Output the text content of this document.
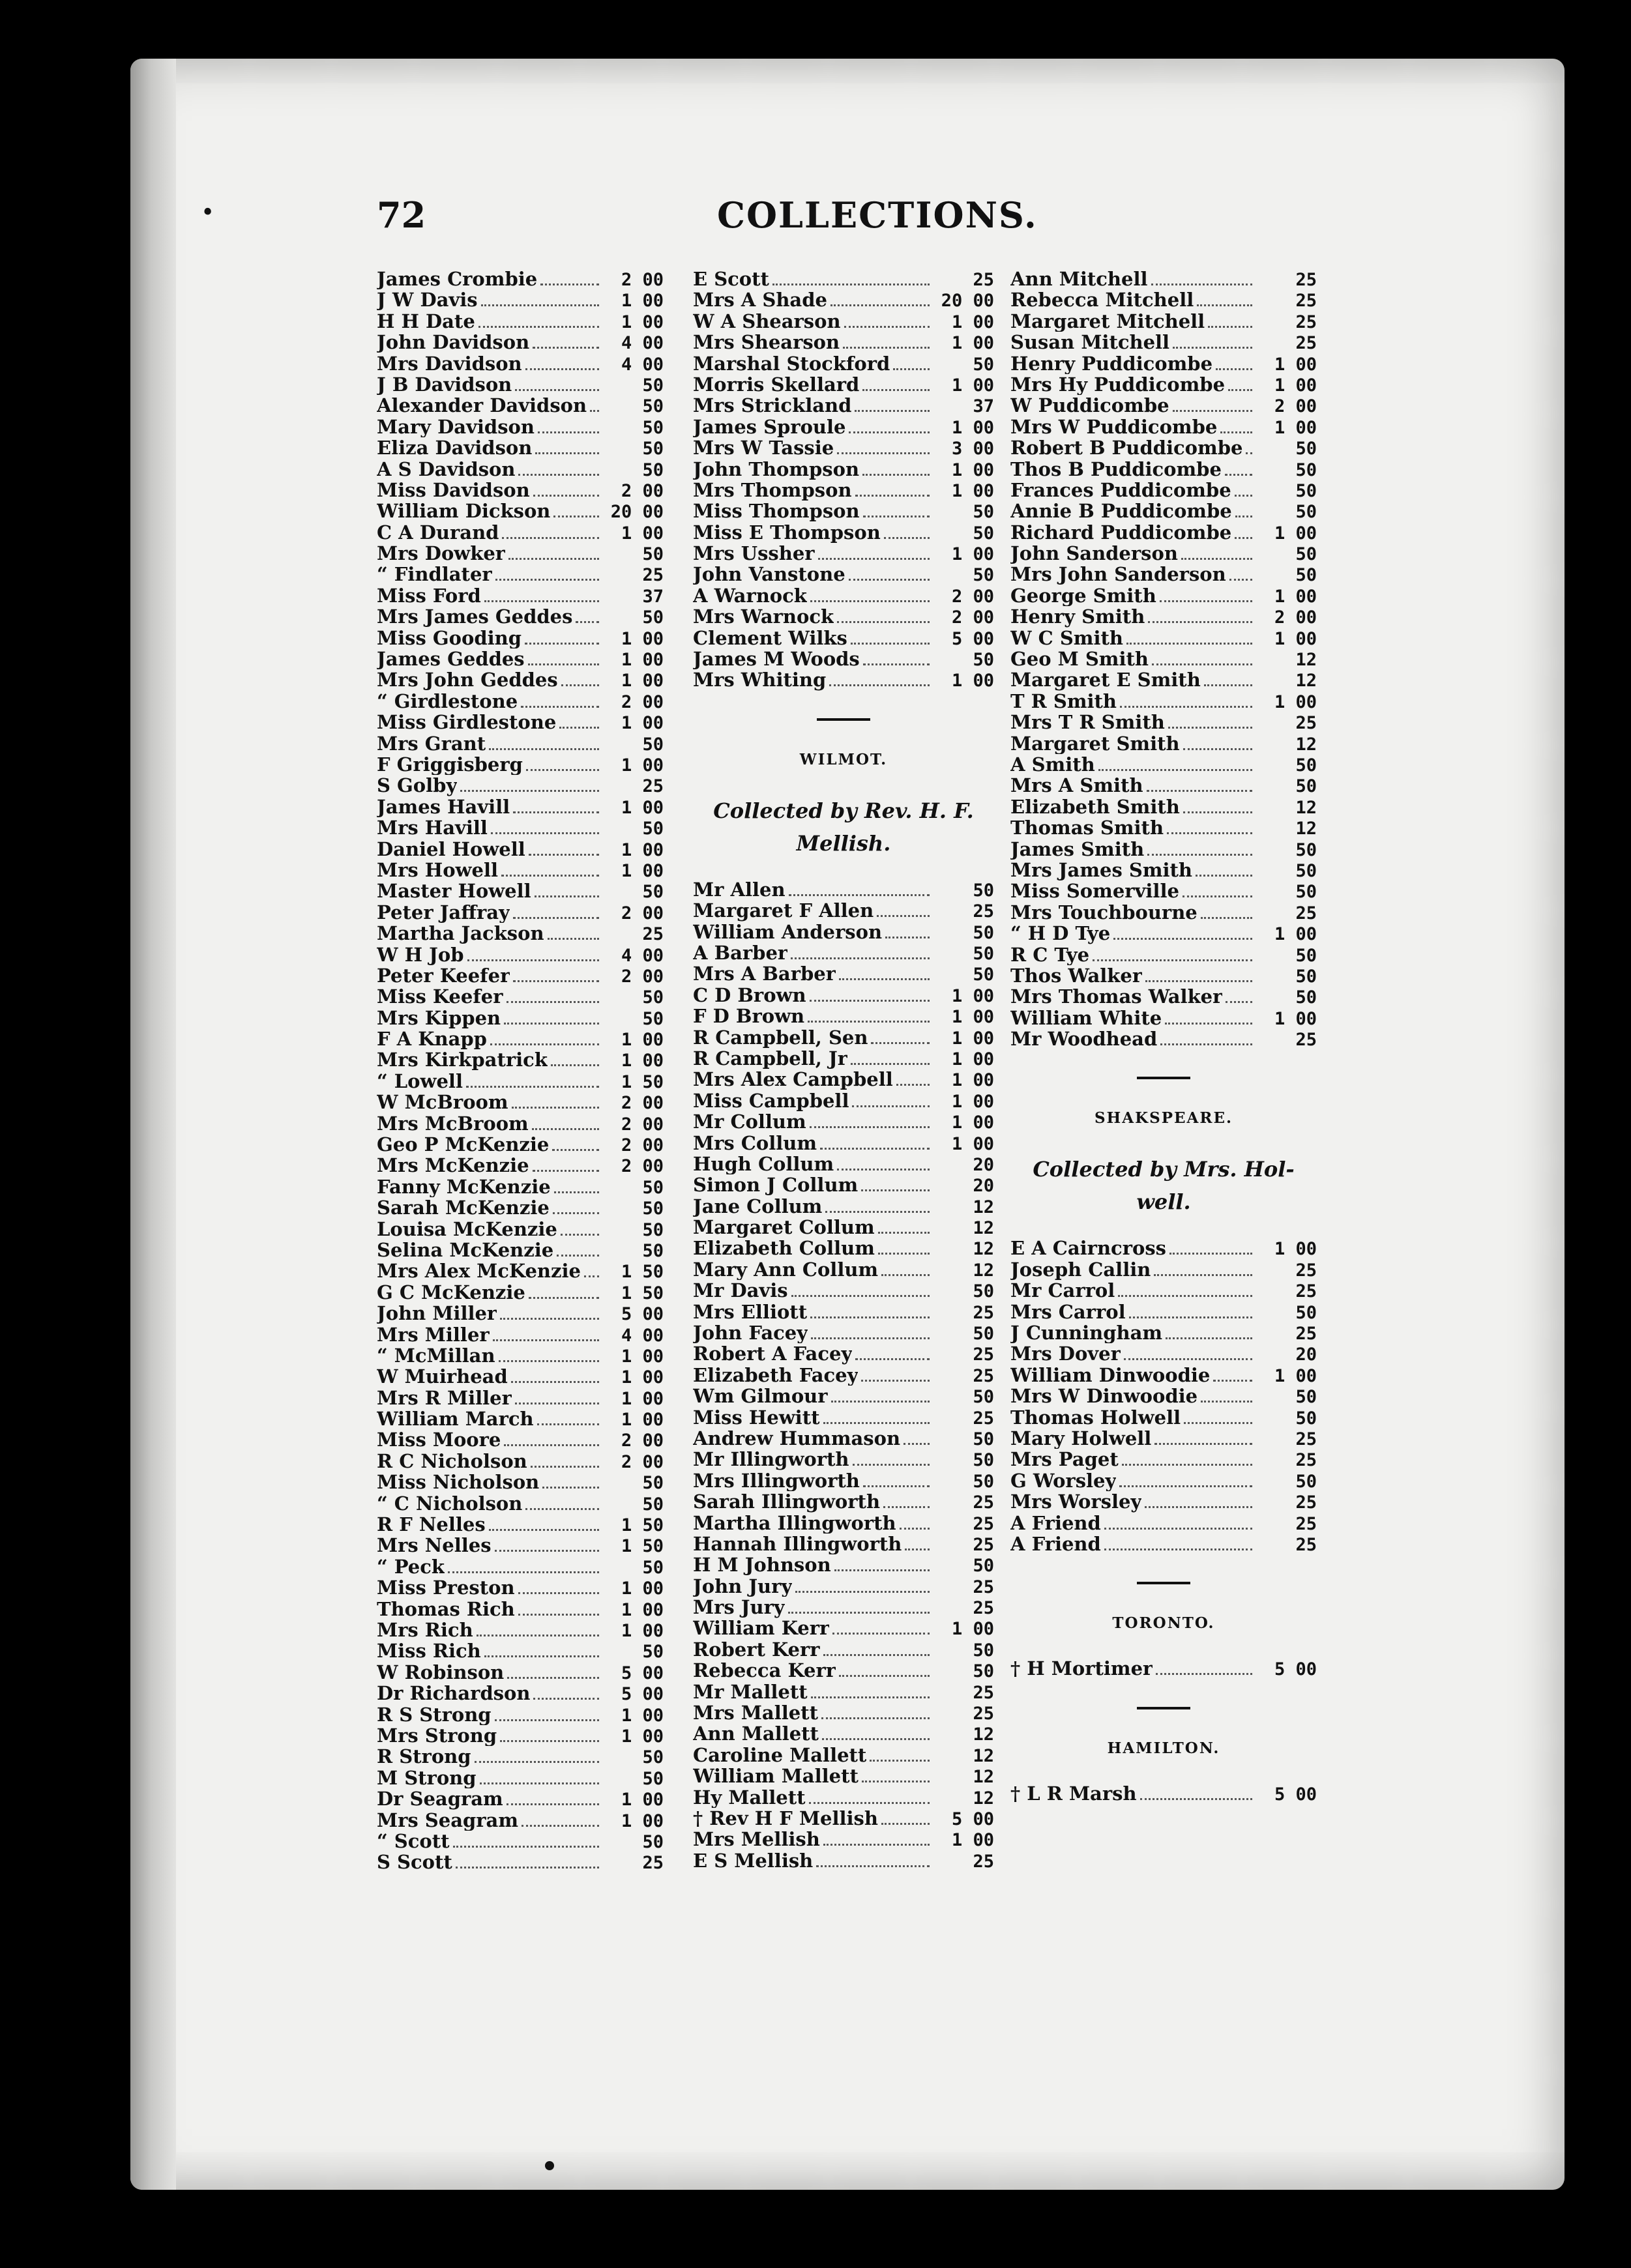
•	72	COLLECTIONS.
James Crombie	2 00
J W Davis	1 00
H H Date	1 00
John Davidson	4 00
Mrs Davidson	4 00
J B Davidson	50
Alexander Davidson	50
Mary Davidson	50
Eliza Davidson	50
A S Davidson	50
Miss Davidson	2 00
William Dickson	20 00
C A Durand	1 00
Mrs Dowker	50
“ Findlater	25
Miss Ford	37
Mrs James Geddes	50
Miss Gooding	1 00
James Geddes	1 00
Mrs John Geddes	1 00
“ Girdlestone	2 00
Miss Girdlestone	1 00
Mrs Grant	50
F Griggisberg	1 00
S Golby	25
James Havill	1 00
Mrs Havill	50
Daniel Howell	1 00
Mrs Howell	1 00
Master Howell	50
Peter Jaffray	2 00
Martha Jackson	25
W H Job	4 00
Peter Keefer	2 00
Miss Keefer	50
Mrs Kippen	50
F A Knapp	1 00
Mrs Kirkpatrick	1 00
“ Lowell	1 50
W McBroom	2 00
Mrs McBroom	2 00
Geo P McKenzie	2 00
Mrs McKenzie	2 00
Fanny McKenzie	50
Sarah McKenzie	50
Louisa McKenzie	50
Selina McKenzie	50
Mrs Alex McKenzie	1 50
G C McKenzie	1 50
John Miller	5 00
Mrs Miller	4 00
“ McMillan	1 00
W Muirhead	1 00
Mrs R Miller	1 00
William March	1 00
Miss Moore	2 00
R C Nicholson	2 00
Miss Nicholson	50
“ C Nicholson	50
R F Nelles	1 50
Mrs Nelles	1 50
“ Peck	50
Miss Preston	1 00
Thomas Rich	1 00
Mrs Rich	1 00
Miss Rich	50
W Robinson	5 00
Dr Richardson	5 00
R S Strong	1 00
Mrs Strong	1 00
R Strong	50
M Strong	50
Dr Seagram	1 00
Mrs Seagram	1 00
“ Scott	50
S Scott	25
E Scott	25
Mrs A Shade	20 00
W A Shearson	1 00
Mrs Shearson	1 00
Marshal Stockford	50
Morris Skellard	1 00
Mrs Strickland	37
James Sproule	1 00
Mrs W Tassie	3 00
John Thompson	1 00
Mrs Thompson	1 00
Miss Thompson	50
Miss E Thompson	50
Mrs Ussher	1 00
John Vanstone	50
A Warnock	2 00
Mrs Warnock	2 00
Clement Wilks	5 00
James M Woods	50
Mrs Whiting	1 00
WILMOT.
Collected by Rev. H. F.
Mellish.
Mr Allen	50
Margaret F Allen	25
William Anderson	50
A Barber	50
Mrs A Barber	50
C D Brown	1 00
F D Brown	1 00
R Campbell, Sen	1 00
R Campbell, Jr	1 00
Mrs Alex Campbell	1 00
Miss Campbell	1 00
Mr Collum	1 00
Mrs Collum	1 00
Hugh Collum	20
Simon J Collum	20
Jane Collum	12
Margaret Collum	12
Elizabeth Collum	12
Mary Ann Collum	12
Mr Davis	50
Mrs Elliott	25
John Facey	50
Robert A Facey	25
Elizabeth Facey	25
Wm Gilmour	50
Miss Hewitt	25
Andrew Hummason	50
Mr Illingworth	50
Mrs Illingworth	50
Sarah Illingworth	25
Martha Illingworth	25
Hannah Illingworth	25
H M Johnson	50
John Jury	25
Mrs Jury	25
William Kerr	1 00
Robert Kerr	50
Rebecca Kerr	50
Mr Mallett	25
Mrs Mallett	25
Ann Mallett	12
Caroline Mallett	12
William Mallett	12
Hy Mallett	12
† Rev H F Mellish	5 00
Mrs Mellish	1 00
E S Mellish	25
Ann Mitchell	25
Rebecca Mitchell	25
Margaret Mitchell	25
Susan Mitchell	25
Henry Puddicombe	1 00
Mrs Hy Puddicombe	1 00
W Puddicombe	2 00
Mrs W Puddicombe	1 00
Robert B Puddicombe	50
Thos B Puddicombe	50
Frances Puddicombe	50
Annie B Puddicombe	50
Richard Puddicombe	1 00
John Sanderson	50
Mrs John Sanderson	50
George Smith	1 00
Henry Smith	2 00
W C Smith	1 00
Geo M Smith	12
Margaret E Smith	12
T R Smith	1 00
Mrs T R Smith	25
Margaret Smith	12
A Smith	50
Mrs A Smith	50
Elizabeth Smith	12
Thomas Smith	12
James Smith	50
Mrs James Smith	50
Miss Somerville	50
Mrs Touchbourne	25
“ H D Tye	1 00
R C Tye	50
Thos Walker	50
Mrs Thomas Walker	50
William White	1 00
Mr Woodhead	25
SHAKSPEARE.
Collected by Mrs. Hol-
well.
E A Cairncross	1 00
Joseph Callin	25
Mr Carrol	25
Mrs Carrol	50
J Cunningham	25
Mrs Dover	20
William Dinwoodie	1 00
Mrs W Dinwoodie	50
Thomas Holwell	50
Mary Holwell	25
Mrs Paget	25
G Worsley	50
Mrs Worsley	25
A Friend	25
A Friend	25
TORONTO.
† H Mortimer	5 00
HAMILTON.
† L R Marsh	5 00
